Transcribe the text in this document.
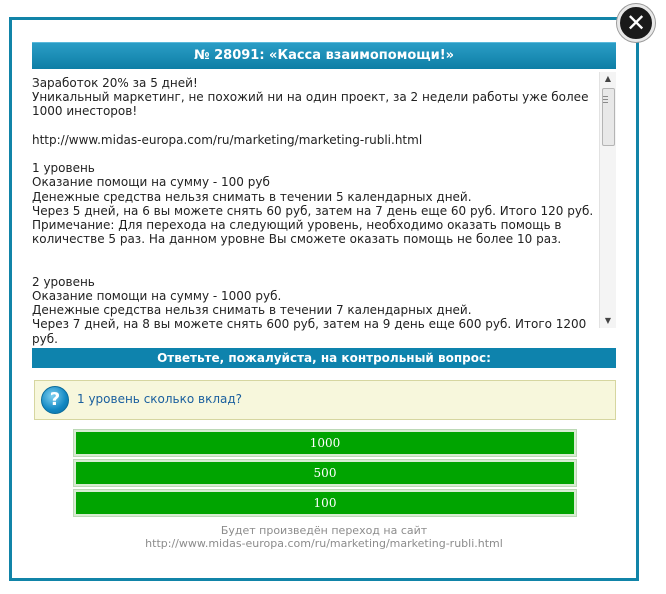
№ 28091: «Касса взаимопомощи!»
Заработок 20% за 5 дней!
Уникальный маркетинг, не похожий ни на один проект, за 2 недели работы уже более 1000 инесторов!

http://www.midas-europa.com/ru/marketing/marketing-rubli.html

1 уровень
Оказание помощи на сумму - 100 руб
Денежные средства нельзя снимать в течении 5 календарных дней.
Через 5 дней, на 6 вы можете снять 60 руб, затем на 7 день еще 60 руб. Итого 120 руб.
Примечание: Для перехода на следующий уровень, необходимо оказать помощь в количестве 5 раз. На данном уровне Вы сможете оказать помощь не более 10 раз.

2 уровень
Оказание помощи на сумму - 1000 руб.
Денежные средства нельзя снимать в течении 7 календарных дней.
Через 7 дней, на 8 вы можете снять 600 руб, затем на 9 день еще 600 руб. Итого 1200 руб.
▲
▼
Ответьте, пожалуйста, на контрольный вопрос:
?	1 уровень сколько вклад?
1000
500
100
Будет произведён переход на сайт
http://www.midas-europa.com/ru/marketing/marketing-rubli.html
✕
